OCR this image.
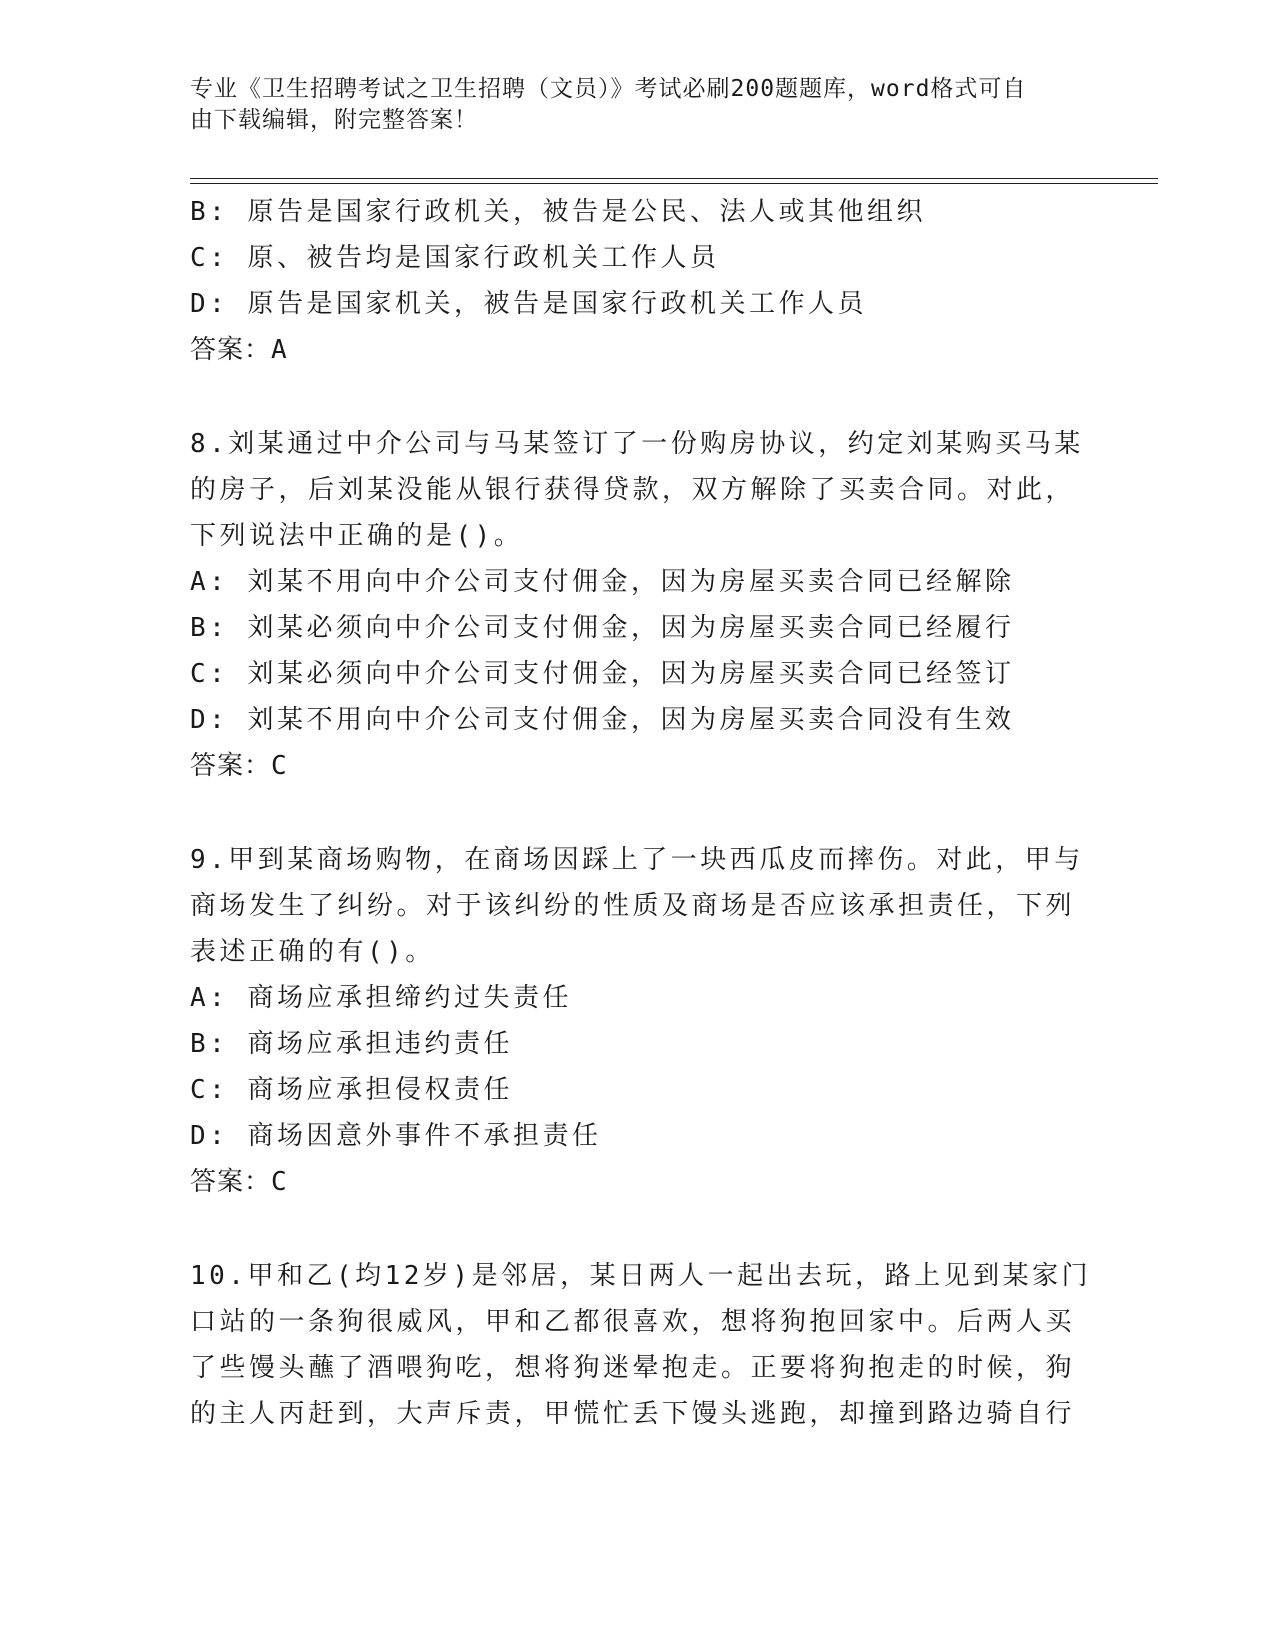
专业《卫生招聘考试之卫生招聘（文员）》考试必刷200题题库，word格式可自
由下载编辑，附完整答案！
B: 原告是国家行政机关，被告是公民、法人或其他组织
C: 原、被告均是国家行政机关工作人员
D: 原告是国家机关，被告是国家行政机关工作人员
答案：A
8.刘某通过中介公司与马某签订了一份购房协议，约定刘某购买马某
的房子，后刘某没能从银行获得贷款，双方解除了买卖合同。对此，
下列说法中正确的是()。
A: 刘某不用向中介公司支付佣金，因为房屋买卖合同已经解除
B: 刘某必须向中介公司支付佣金，因为房屋买卖合同已经履行
C: 刘某必须向中介公司支付佣金，因为房屋买卖合同已经签订
D: 刘某不用向中介公司支付佣金，因为房屋买卖合同没有生效
答案：C
9.甲到某商场购物，在商场因踩上了一块西瓜皮而摔伤。对此，甲与
商场发生了纠纷。对于该纠纷的性质及商场是否应该承担责任，下列
表述正确的有()。
A: 商场应承担缔约过失责任
B: 商场应承担违约责任
C: 商场应承担侵权责任
D: 商场因意外事件不承担责任
答案：C
10.甲和乙(均12岁)是邻居，某日两人一起出去玩，路上见到某家门
口站的一条狗很威风，甲和乙都很喜欢，想将狗抱回家中。后两人买
了些馒头蘸了酒喂狗吃，想将狗迷晕抱走。正要将狗抱走的时候，狗
的主人丙赶到，大声斥责，甲慌忙丢下馒头逃跑，却撞到路边骑自行
